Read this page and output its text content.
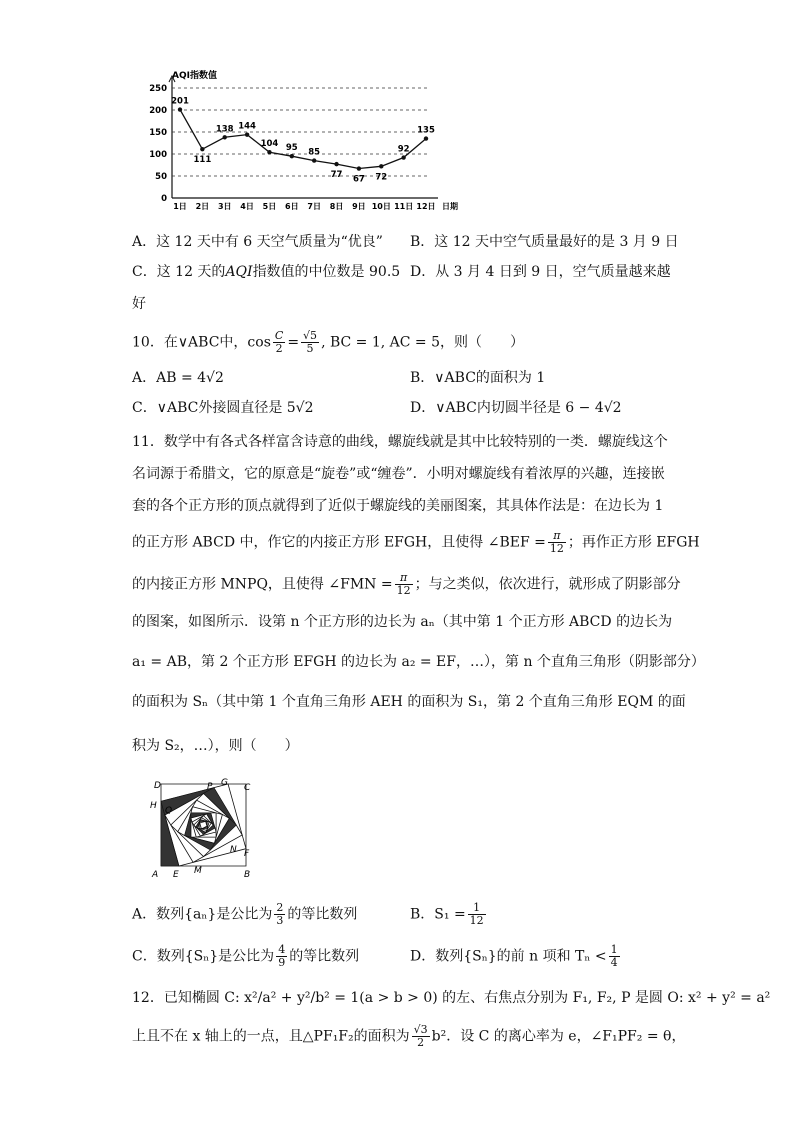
AQI指数值
0
50
100
150
200
250
1日 2日 3日 4日 5日 6日 7日 8日 9日 10日 11日 12日 日期
201
111
138 144
104 95 85
77 67 72
92
135
A．这 12 天中有 6 天空气质量为“优良” B．这 12 天中空气质量最好的是 3 月 9 日
C．这 12 天的AQI指数值的中位数是 90.5 D．从 3 月 4 日到 9 日，空气质量越来越
好
10．在∨ABC中，$\cos \frac{C}{2} = \frac{√5}{5}$ , BC = 1, AC = 5，则（　　）
A．AB = 4√2	B．∨ABC的面积为 1
C．∨ABC外接圆直径是 5√2	D．∨ABC内切圆半径是 6 − 4√2
11．数学中有各式各样富含诗意的曲线，螺旋线就是其中比较特别的一类．螺旋线这个
名词源于希腊文，它的原意是“旋卷”或“缠卷”．小明对螺旋线有着浓厚的兴趣，连接嵌
套的各个正方形的顶点就得到了近似于螺旋线的美丽图案，其具体作法是：在边长为 1
的正方形 ABCD 中，作它的内接正方形 EFGH，且使得 ∠BEF = $\frac{\pi}{12}$ ；再作正方形 EFGH
的内接正方形 MNPQ，且使得 ∠FMN = $\frac{\pi}{12}$ ；与之类似，依次进行，就形成了阴影部分
的图案，如图所示．设第 n 个正方形的边长为 aₙ（其中第 1 个正方形 ABCD 的边长为
a₁ = AB，第 2 个正方形 EFGH 的边长为 a₂ = EF，…），第 n 个直角三角形（阴影部分）
的面积为 Sₙ（其中第 1 个直角三角形 AEH 的面积为 S₁，第 2 个直角三角形 EQM 的面
积为 S₂，…），则（　　）
D	P G C
H Q
N F
A E M	B
A．数列{aₙ}是公比为 $\frac{2}{3}$ 的等比数列	B．$S_1 = \frac{1}{12}$
C．数列{Sₙ}是公比为 $\frac{4}{9}$ 的等比数列	D．数列{Sₙ}的前 n 项和 $T_n < \frac{1}{4}$
12．已知椭圆 C: x²/a² + y²/b² = 1(a > b > 0) 的左、右焦点分别为 F₁, F₂, P 是圆 O: x² + y² = a²
上且不在 x 轴上的一点，且△PF₁F₂的面积为 $\frac{√3}{2} b^2$．设 C 的离心率为 e，∠F₁PF₂ = θ，
